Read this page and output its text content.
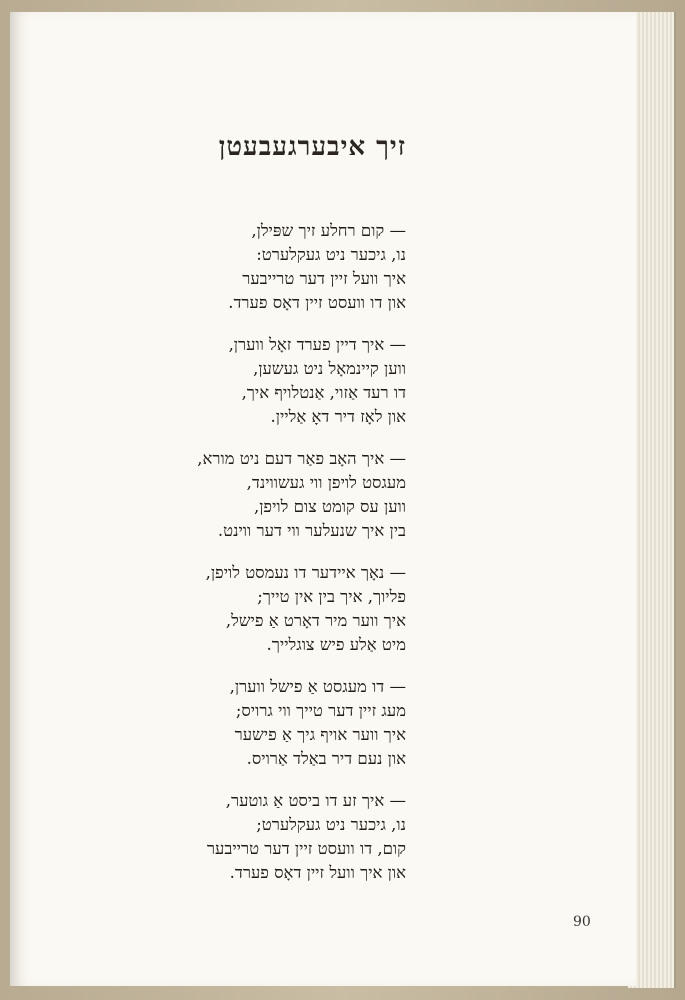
זיך איבערגעבעטן
— קום רחלע זיך שפּילן,
נו, גיכער ניט געקלערט:
איך וועל זיין דער טרייבער
און דו וועסט זיין דאָס פערד.
— איך דיין פערד זאָל ווערן,
ווען קיינמאָל ניט געשען,
דו רעד אַזוי, אַנטלויף איך,
און לאָז דיר דאָ אַליין.
— איך האָב פאַר דעם ניט מורא,
מעגסט לויפן ווי געשווינד,
ווען עס קומט צום לויפן,
בין איך שנעלער ווי דער ווינט.
— נאָך איידער דו נעמסט לויפן,
פליוך, איך בין אין טייך;
איך ווער מיר דאָרט אַ פישל,
מיט אַלע פיש צוגלייך.
— דו מעגסט אַ פישל ווערן,
מעג זיין דער טייך ווי גרויס;
איך ווער אויף גיך אַ פישער
און נעם דיר באַלד אַרויס.
— איך זע דו ביסט אַ גוטער,
נו, גיכער ניט געקלערט;
קום, דו וועסט זיין דער טרייבער
און איך וועל זיין דאָס פערד.
90
